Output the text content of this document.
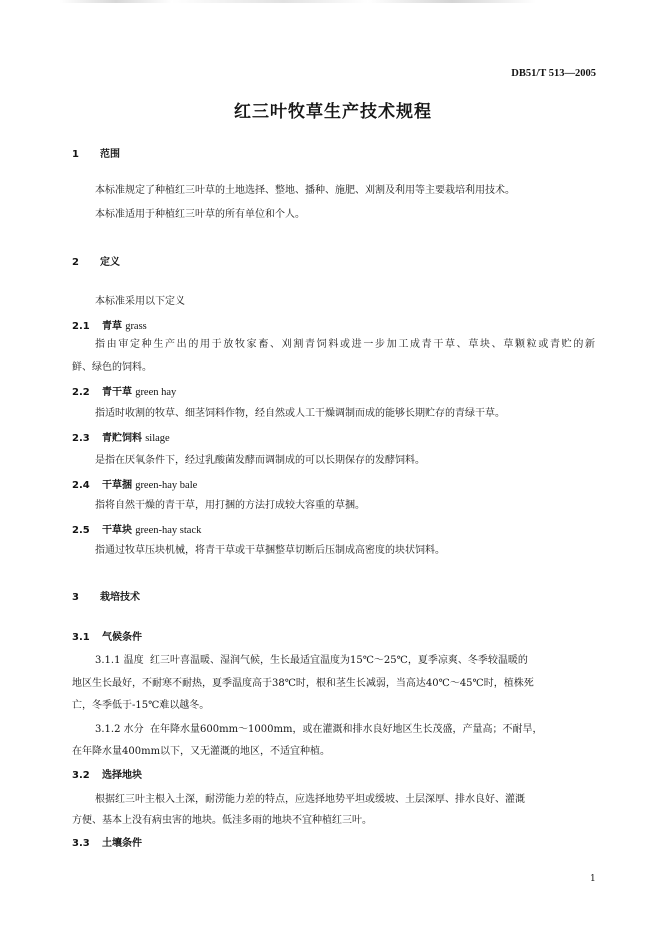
DB51/T 513—2005
红三叶牧草生产技术规程
1 范围
本标准规定了种植红三叶草的土地选择、整地、播种、施肥、刈割及利用等主要栽培利用技术。
本标准适用于种植红三叶草的所有单位和个人。
2 定义
本标准采用以下定义
2.1 青草 grass
指由审定种生产出的用于放牧家畜、刈割青饲料或进一步加工成青干草、草块、草颗粒或青贮的新
鲜、绿色的饲料。
2.2 青干草 green hay
指适时收割的牧草、细茎饲料作物，经自然或人工干燥调制而成的能够长期贮存的青绿干草。
2.3 青贮饲料 silage
是指在厌氧条件下，经过乳酸菌发酵而调制成的可以长期保存的发酵饲料。
2.4 干草捆 green-hay bale
指将自然干燥的青干草，用打捆的方法打成较大容重的草捆。
2.5 干草块 green-hay stack
指通过牧草压块机械，将青干草或干草捆整草切断后压制成高密度的块状饲料。
3 栽培技术
3.1 气候条件
3.1.1 温度 红三叶喜温暖、湿润气候，生长最适宜温度为15℃～25℃，夏季凉爽、冬季较温暖的
地区生长最好，不耐寒不耐热，夏季温度高于38℃时，根和茎生长减弱，当高达40℃～45℃时，植株死
亡，冬季低于-15℃难以越冬。
3.1.2 水分 在年降水量600mm～1000mm，或在灌溉和排水良好地区生长茂盛，产量高；不耐旱，
在年降水量400mm以下，又无灌溉的地区，不适宜种植。
3.2 选择地块
根据红三叶主根入土深，耐涝能力差的特点，应选择地势平坦或缓坡、土层深厚、排水良好、灌溉
方便、基本上没有病虫害的地块。低洼多雨的地块不宜种植红三叶。
3.3 土壤条件
1
